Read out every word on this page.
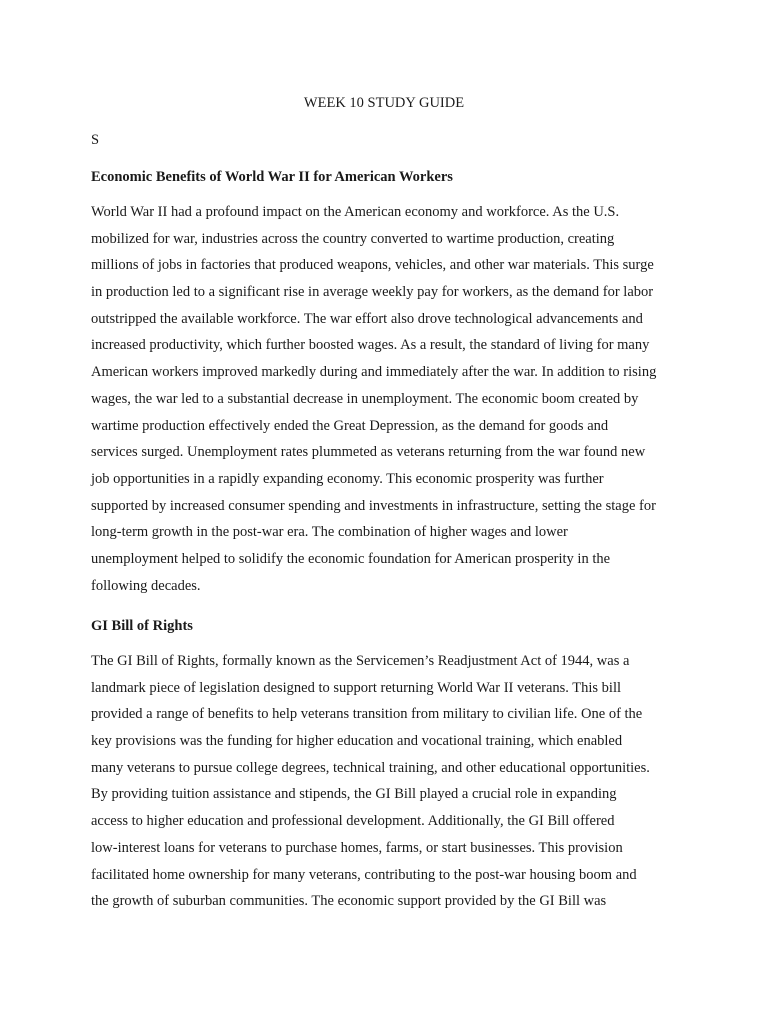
WEEK 10 STUDY GUIDE

S

Economic Benefits of World War II for American Workers
World War II had a profound impact on the American economy and workforce. As the U.S.
mobilized for war, industries across the country converted to wartime production, creating
millions of jobs in factories that produced weapons, vehicles, and other war materials. This surge
in production led to a significant rise in average weekly pay for workers, as the demand for labor
outstripped the available workforce. The war effort also drove technological advancements and
increased productivity, which further boosted wages. As a result, the standard of living for many
American workers improved markedly during and immediately after the war. In addition to rising
wages, the war led to a substantial decrease in unemployment. The economic boom created by
wartime production effectively ended the Great Depression, as the demand for goods and
services surged. Unemployment rates plummeted as veterans returning from the war found new
job opportunities in a rapidly expanding economy. This economic prosperity was further
supported by increased consumer spending and investments in infrastructure, setting the stage for
long-term growth in the post-war era. The combination of higher wages and lower
unemployment helped to solidify the economic foundation for American prosperity in the
following decades.
GI Bill of Rights
The GI Bill of Rights, formally known as the Servicemen’s Readjustment Act of 1944, was a
landmark piece of legislation designed to support returning World War II veterans. This bill
provided a range of benefits to help veterans transition from military to civilian life. One of the
key provisions was the funding for higher education and vocational training, which enabled
many veterans to pursue college degrees, technical training, and other educational opportunities.
By providing tuition assistance and stipends, the GI Bill played a crucial role in expanding
access to higher education and professional development. Additionally, the GI Bill offered
low-interest loans for veterans to purchase homes, farms, or start businesses. This provision
facilitated home ownership for many veterans, contributing to the post-war housing boom and
the growth of suburban communities. The economic support provided by the GI Bill was
